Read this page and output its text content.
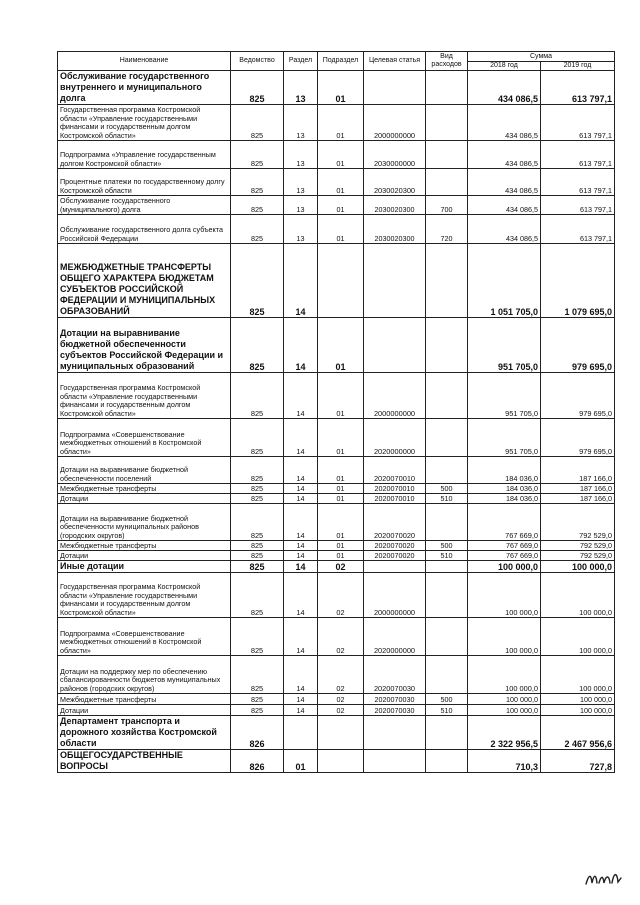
Наименование	Ведомство	Раздел	Подраздел	Целевая статья	Вид расходов	Сумма	
						2018 год	2019 год
Обслуживание государственного внутреннего и муниципального долга	825	13	01			434 086,5	613 797,1
Государственная программа Костромской области «Управление государственными финансами и государственным долгом Костромской области»	825	13	01	2000000000		434 086,5	613 797,1
Подпрограмма «Управление государственным долгом Костромской области»	825	13	01	2030000000		434 086,5	613 797,1
Процентные платежи по государственному долгу Костромской области	825	13	01	2030020300		434 086,5	613 797,1
Обслуживание государственного (муниципального) долга	825	13	01	2030020300	700	434 086,5	613 797,1
Обслуживание государственного долга субъекта Российской Федерации	825	13	01	2030020300	720	434 086,5	613 797,1
МЕЖБЮДЖЕТНЫЕ ТРАНСФЕРТЫ ОБЩЕГО ХАРАКТЕРА БЮДЖЕТАМ СУБЪЕКТОВ РОССИЙСКОЙ ФЕДЕРАЦИИ И МУНИЦИПАЛЬНЫХ ОБРАЗОВАНИЙ	825	14				1 051 705,0	1 079 695,0
Дотации на выравнивание бюджетной обеспеченности субъектов Российской Федерации и муниципальных образований	825	14	01			951 705,0	979 695,0
Государственная программа Костромской области «Управление государственными финансами и государственным долгом Костромской области»	825	14	01	2000000000		951 705,0	979 695,0
Подпрограмма «Совершенствование межбюджетных отношений в Костромской области»	825	14	01	2020000000		951 705,0	979 695,0
Дотации на выравнивание бюджетной обеспеченности поселений	825	14	01	2020070010		184 036,0	187 166,0
Межбюджетные трансферты	825	14	01	2020070010	500	184 036,0	187 166,0
Дотации	825	14	01	2020070010	510	184 036,0	187 166,0
Дотации на выравнивание бюджетной обеспеченности муниципальных районов (городских округов)	825	14	01	2020070020		767 669,0	792 529,0
Межбюджетные трансферты	825	14	01	2020070020	500	767 669,0	792 529,0
Дотации	825	14	01	2020070020	510	767 669,0	792 529,0
Иные дотации	825	14	02			100 000,0	100 000,0
Государственная программа Костромской области «Управление государственными финансами и государственным долгом Костромской области»	825	14	02	2000000000		100 000,0	100 000,0
Подпрограмма «Совершенствование межбюджетных отношений в Костромской области»	825	14	02	2020000000		100 000,0	100 000,0
Дотации на поддержку мер по обеспечению сбалансированности бюджетов муниципальных районов (городских округов)	825	14	02	2020070030		100 000,0	100 000,0
Межбюджетные трансферты	825	14	02	2020070030	500	100 000,0	100 000,0
Дотации	825	14	02	2020070030	510	100 000,0	100 000,0
Департамент транспорта и дорожного хозяйства Костромской области	826					2 322 956,5	2 467 956,6
ОБЩЕГОСУДАРСТВЕННЫЕ ВОПРОСЫ	826	01				710,3	727,8
